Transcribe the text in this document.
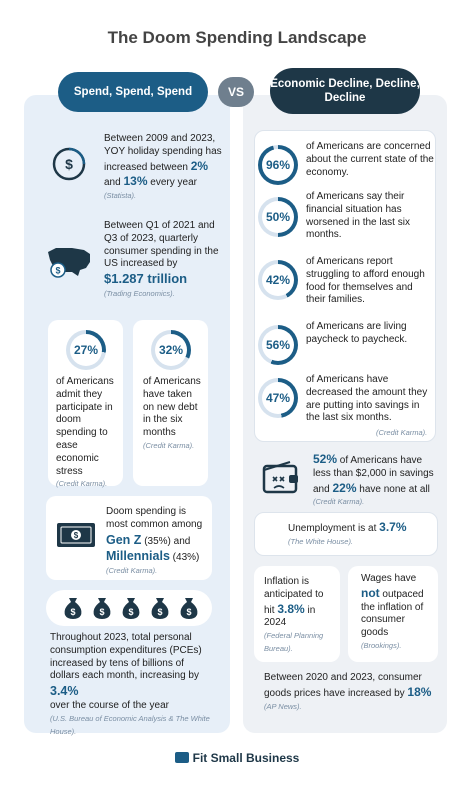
The Doom Spending Landscape
Spend, Spend, Spend	VS
Economic Decline, Decline, Decline
$
Between 2009 and 2023, YOY holiday spending has increased between 2% and 13% every year (Statista).
$
Between Q1 of 2021 and Q3 of 2023, quarterly consumer spending in the US increased by
$1.287 trillion
(Trading Economics).
27%
of Americans admit they participate in doom spending to ease economic stress
(Credit Karma).
32%
of Americans have taken on new debt in the six months
(Credit Karma).
$
Doom spending is most common among Gen Z (35%) and
Millennials (43%)
(Credit Karma).
$	$	$	$	$
Throughout 2023, total personal consumption expenditures (PCEs) increased by tens of billions of dollars each month, increasing by 3.4%
over the course of the year
(U.S. Bureau of Economic Analysis & The White House).
96%
of Americans are concerned about the current state of the economy.
50%
of Americans say their financial situation has worsened in the last six months.
42%
of Americans report struggling to afford enough food for themselves and their families.
56%
of Americans are living paycheck to paycheck.
47%
of Americans have decreased the amount they are putting into savings in the last six months.
(Credit Karma).
52% of Americans have less than $2,000 in savings and 22% have none at all
(Credit Karma).
Unemployment is at 3.7%
(The White House).
Inflation is anticipated to hit 3.8% in 2024
(Federal Planning Bureau).
Wages have not outpaced the inflation of consumer goods
(Brookings).
Between 2020 and 2023, consumer goods prices have increased by 18%
(AP News).
Fit Small Business
